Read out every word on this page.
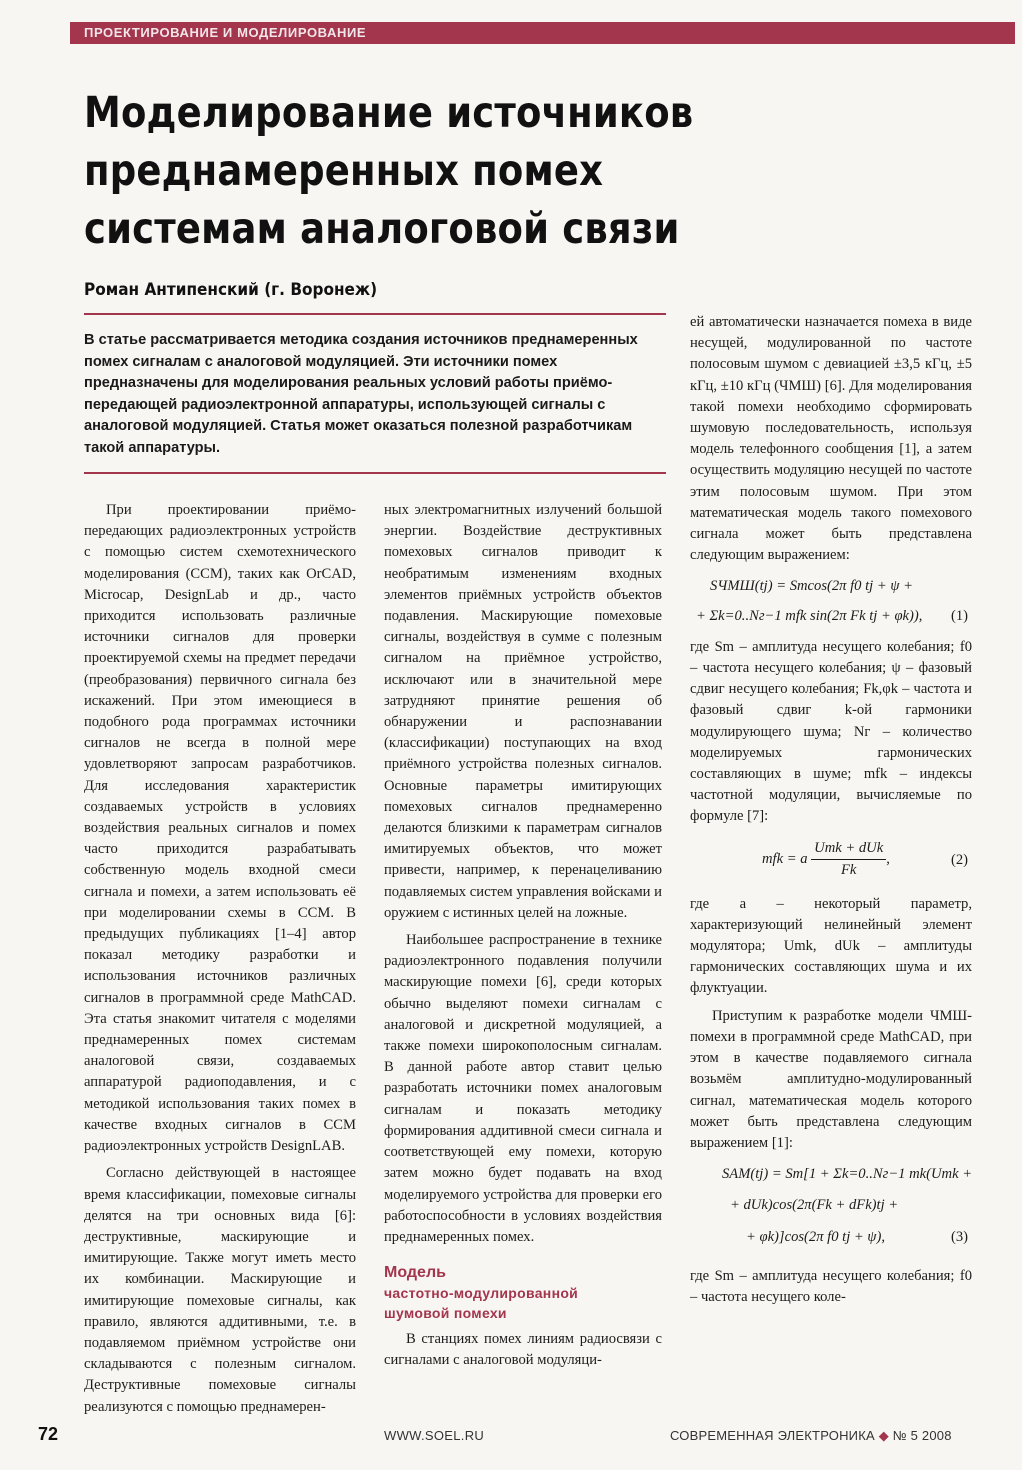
ПРОЕКТИРОВАНИЕ И МОДЕЛИРОВАНИЕ
Моделирование источников
преднамеренных помех
системам аналоговой связи
Роман Антипенский (г. Воронеж)

В статье рассматривается методика создания источников преднамеренных помех сигналам с аналоговой модуляцией. Эти источники помех предназначены для моделирования реальных условий работы приёмо-передающей радиоэлектронной аппаратуры, использующей сигналы с аналоговой модуляцией. Статья может оказаться полезной разработчикам такой аппаратуры.

При проектировании приёмо-передающих радиоэлектронных устройств с помощью систем схемотехнического моделирования (ССМ), таких как OrCAD, Microcap, DesignLab и др., часто приходится использовать различные источники сигналов для проверки проектируемой схемы на предмет передачи (преобразования) первичного сигнала без искажений. При этом имеющиеся в подобного рода программах источники сигналов не всегда в полной мере удовлетворяют запросам разработчиков. Для исследования характеристик создаваемых устройств в условиях воздействия реальных сигналов и помех часто приходится разрабатывать собственную модель входной смеси сигнала и помехи, а затем использовать её при моделировании схемы в ССМ. В предыдущих публикациях [1–4] автор показал методику разработки и использования источников различных сигналов в программной среде MathCAD. Эта статья знакомит читателя с моделями преднамеренных помех системам аналоговой связи, создаваемых аппаратурой радиоподавления, и с методикой использования таких помех в качестве входных сигналов в ССМ радиоэлектронных устройств DesignLAB.

Согласно действующей в настоящее время классификации, помеховые сигналы делятся на три основных вида [6]: деструктивные, маскирующие и имитирующие. Также могут иметь место их комбинации. Маскирующие и имитирующие помеховые сигналы, как правило, являются аддитивными, т.е. в подавляемом приёмном устройстве они складываются с полезным сигналом. Деструктивные помеховые сигналы реализуются с помощью преднамерен-

ных электромагнитных излучений большой энергии. Воздействие деструктивных помеховых сигналов приводит к необратимым изменениям входных элементов приёмных устройств объектов подавления. Маскирующие помеховые сигналы, воздействуя в сумме с полезным сигналом на приёмное устройство, исключают или в значительной мере затрудняют принятие решения об обнаружении и распознавании (классификации) поступающих на вход приёмного устройства полезных сигналов. Основные параметры имитирующих помеховых сигналов преднамеренно делаются близкими к параметрам сигналов имитируемых объектов, что может привести, например, к перенацеливанию подавляемых систем управления войсками и оружием с истинных целей на ложные.

Наибольшее распространение в технике радиоэлектронного подавления получили маскирующие помехи [6], среди которых обычно выделяют помехи сигналам с аналоговой и дискретной модуляцией, а также помехи широкополосным сигналам. В данной работе автор ставит целью разработать источники помех аналоговым сигналам и показать методику формирования аддитивной смеси сигнала и соответствующей ему помехи, которую затем можно будет подавать на вход моделируемого устройства для проверки его работоспособности в условиях воздействия преднамеренных помех.

Модель
частотно-модулированной
шумовой помехи

В станциях помех линиям радиосвязи с сигналами с аналоговой модуляци-

ей автоматически назначается помеха в виде несущей, модулированной по частоте полосовым шумом с девиацией ±3,5 кГц, ±5 кГц, ±10 кГц (ЧМШ) [6]. Для моделирования такой помехи необходимо сформировать шумовую последовательность, используя модель телефонного сообщения [1], а затем осуществить модуляцию несущей по частоте этим полосовым шумом. При этом математическая модель такого помехового сигнала может быть представлена следующим выражением:

SЧМШ(tj) = Smcos(2π f0 tj + ψ +
+ Σk=0..Nг−1 mfk sin(2π Fk tj + φk)),	(1)

где Sm – амплитуда несущего колебания; f0 – частота несущего колебания; ψ – фазовый сдвиг несущего колебания; Fk,φk – частота и фазовый сдвиг k-ой гармоники модулирующего шума; Nг – количество моделируемых гармонических составляющих в шуме; mfk – индексы частотной модуляции, вычисляемые по формуле [7]:

mfk = a $\frac{\text{Umk + dUk}}{Fk}$ ,	(2)

где a – некоторый параметр, характеризующий нелинейный элемент модулятора; Umk, dUk – амплитуды гармонических составляющих шума и их флуктуации.

Приступим к разработке модели ЧМШ-помехи в программной среде MathCAD, при этом в качестве подавляемого сигнала возьмём амплитудно-модулированный сигнал, математическая модель которого может быть представлена следующим выражением [1]:

SAM(tj) = Sm[1 + Σk=0..Nг−1 mk(Umk +
+ dUk)cos(2π(Fk + dFk)tj +
+ φk)]cos(2π f0 tj + ψ),	(3)

где Sm – амплитуда несущего колебания; f0 – частота несущего коле-

72	WWW.SOEL.RU	СОВРЕМЕННАЯ ЭЛЕКТРОНИКА ◆ № 5 2008
